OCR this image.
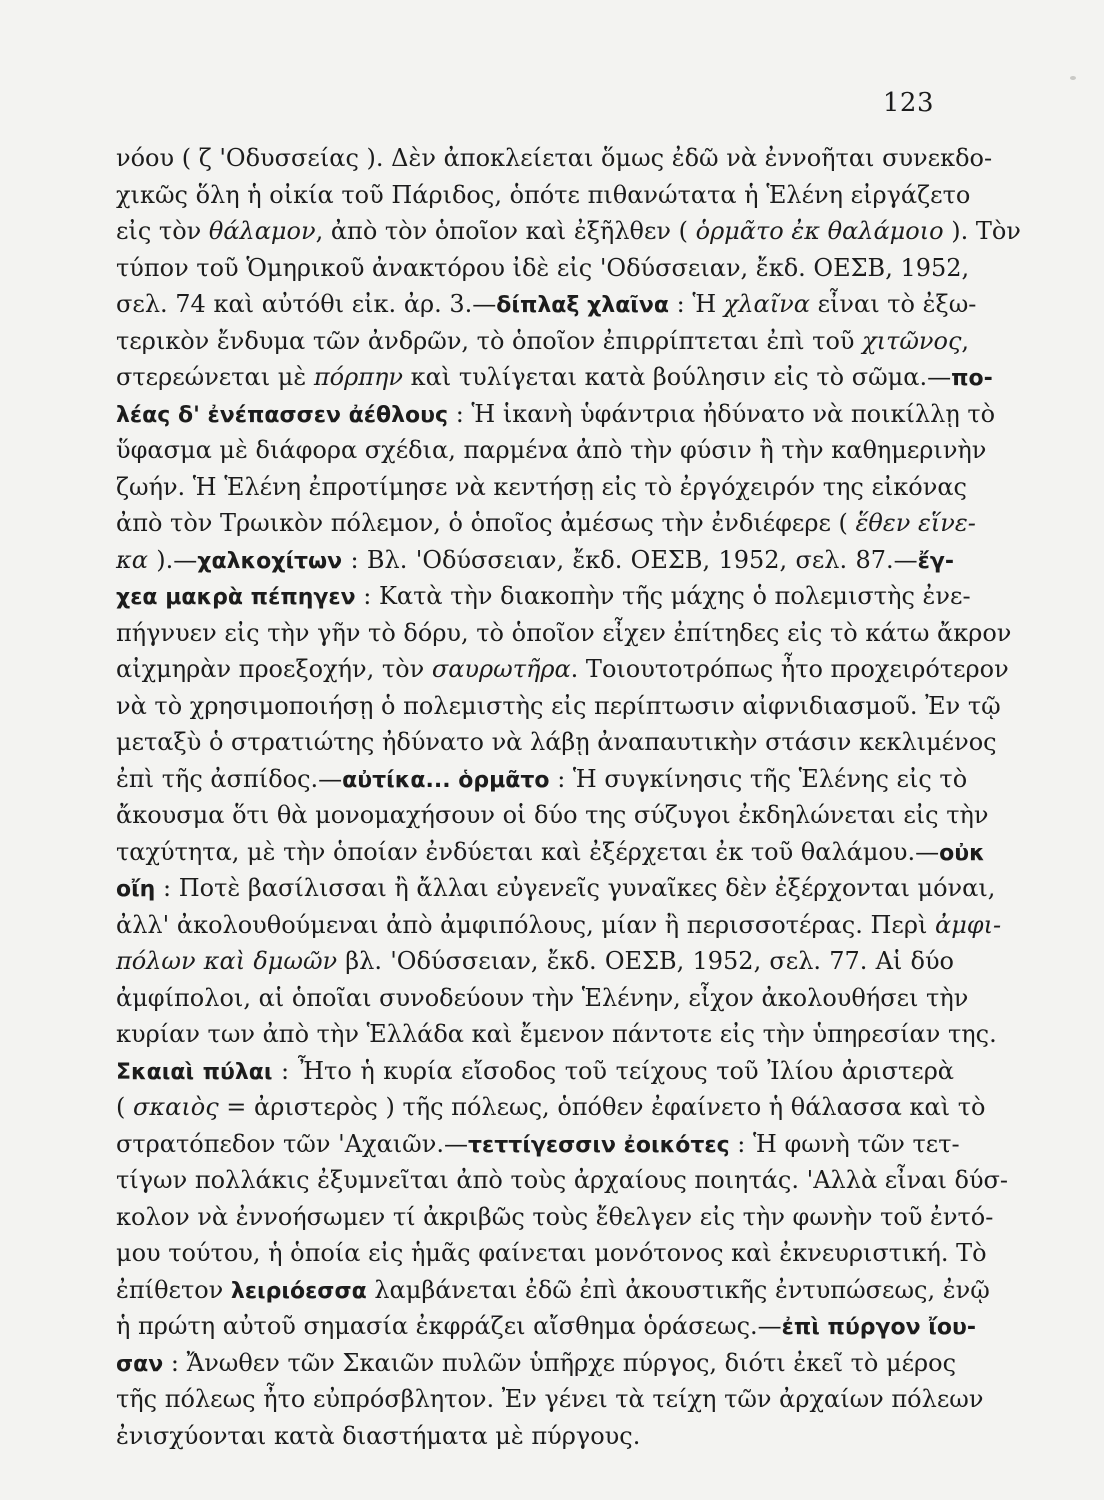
123
νόου ( ζ 'Οδυσσείας ). Δὲν ἀποκλείεται ὅμως ἐδῶ νὰ ἐννοῆται συνεκδο-
χικῶς ὅλη ἡ οἰκία τοῦ Πάριδος, ὁπότε πιθανώτατα ἡ Ἑλένη εἰργάζετο
εἰς τὸν θάλαμον, ἀπὸ τὸν ὁποῖον καὶ ἐξῆλθεν ( ὁρμᾶτο ἐκ θαλάμοιο ). Τὸν
τύπον τοῦ Ὁμηρικοῦ ἀνακτόρου ἰδὲ εἰς 'Οδύσσειαν, ἔκδ. ΟΕΣΒ, 1952,
σελ. 74 καὶ αὐτόθι εἰκ. ἀρ. 3.—δίπλαξ χλαῖνα : Ἡ χλαῖνα εἶναι τὸ ἐξω-
τερικὸν ἔνδυμα τῶν ἀνδρῶν, τὸ ὁποῖον ἐπιρρίπτεται ἐπὶ τοῦ χιτῶνος,
στερεώνεται μὲ πόρπην καὶ τυλίγεται κατὰ βούλησιν εἰς τὸ σῶμα.—πο-
λέας δ' ἐνέπασσεν ἀέθλους : Ἡ ἱκανὴ ὑφάντρια ἠδύνατο νὰ ποικίλλῃ τὸ
ὕφασμα μὲ διάφορα σχέδια, παρμένα ἀπὸ τὴν φύσιν ἢ τὴν καθημερινὴν
ζωήν. Ἡ Ἑλένη ἐπροτίμησε νὰ κεντήσῃ εἰς τὸ ἐργόχειρόν της εἰκόνας
ἀπὸ τὸν Τρωικὸν πόλεμον, ὁ ὁποῖος ἀμέσως τὴν ἐνδιέφερε ( ἕθεν εἵνε-
κα ).—χαλκοχίτων : Βλ. 'Οδύσσειαν, ἔκδ. ΟΕΣΒ, 1952, σελ. 87.—ἔγ-
χεα μακρὰ πέπηγεν : Κατὰ τὴν διακοπὴν τῆς μάχης ὁ πολεμιστὴς ἐνε-
πήγνυεν εἰς τὴν γῆν τὸ δόρυ, τὸ ὁποῖον εἶχεν ἐπίτηδες εἰς τὸ κάτω ἄκρον
αἰχμηρὰν προεξοχήν, τὸν σαυρωτῆρα. Τοιουτοτρόπως ἦτο προχειρότερον
νὰ τὸ χρησιμοποιήσῃ ὁ πολεμιστὴς εἰς περίπτωσιν αἰφνιδιασμοῦ. Ἐν τῷ
μεταξὺ ὁ στρατιώτης ἠδύνατο νὰ λάβῃ ἀναπαυτικὴν στάσιν κεκλιμένος
ἐπὶ τῆς ἀσπίδος.—αὐτίκα... ὁρμᾶτο : Ἡ συγκίνησις τῆς Ἑλένης εἰς τὸ
ἄκουσμα ὅτι θὰ μονομαχήσουν οἱ δύο της σύζυγοι ἐκδηλώνεται εἰς τὴν
ταχύτητα, μὲ τὴν ὁποίαν ἐνδύεται καὶ ἐξέρχεται ἐκ τοῦ θαλάμου.—οὐκ
οἴη : Ποτὲ βασίλισσαι ἢ ἄλλαι εὐγενεῖς γυναῖκες δὲν ἐξέρχονται μόναι,
ἀλλ' ἀκολουθούμεναι ἀπὸ ἀμφιπόλους, μίαν ἢ περισσοτέρας. Περὶ ἀμφι-
πόλων καὶ δμωῶν βλ. 'Οδύσσειαν, ἔκδ. ΟΕΣΒ, 1952, σελ. 77. Αἱ δύο
ἀμφίπολοι, αἱ ὁποῖαι συνοδεύουν τὴν Ἑλένην, εἶχον ἀκολουθήσει τὴν
κυρίαν των ἀπὸ τὴν Ἑλλάδα καὶ ἔμενον πάντοτε εἰς τὴν ὑπηρεσίαν της.
Σκαιαὶ πύλαι : Ἦτο ἡ κυρία εἴσοδος τοῦ τείχους τοῦ Ἰλίου ἀριστερὰ
( σκαιὸς = ἀριστερὸς ) τῆς πόλεως, ὁπόθεν ἐφαίνετο ἡ θάλασσα καὶ τὸ
στρατόπεδον τῶν 'Αχαιῶν.—τεττίγεσσιν ἐοικότες : Ἡ φωνὴ τῶν τετ-
τίγων πολλάκις ἐξυμνεῖται ἀπὸ τοὺς ἀρχαίους ποιητάς. 'Αλλὰ εἶναι δύσ-
κολον νὰ ἐννοήσωμεν τί ἀκριβῶς τοὺς ἔθελγεν εἰς τὴν φωνὴν τοῦ ἐντό-
μου τούτου, ἡ ὁποία εἰς ἡμᾶς φαίνεται μονότονος καὶ ἐκνευριστική. Τὸ
ἐπίθετον λειριόεσσα λαμβάνεται ἐδῶ ἐπὶ ἀκουστικῆς ἐντυπώσεως, ἐνῷ
ἡ πρώτη αὐτοῦ σημασία ἐκφράζει αἴσθημα ὁράσεως.—ἐπὶ πύργον ἴου-
σαν : Ἄνωθεν τῶν Σκαιῶν πυλῶν ὑπῆρχε πύργος, διότι ἐκεῖ τὸ μέρος
τῆς πόλεως ἦτο εὐπρόσβλητον. Ἐν γένει τὰ τείχη τῶν ἀρχαίων πόλεων
ἐνισχύονται κατὰ διαστήματα μὲ πύργους.
